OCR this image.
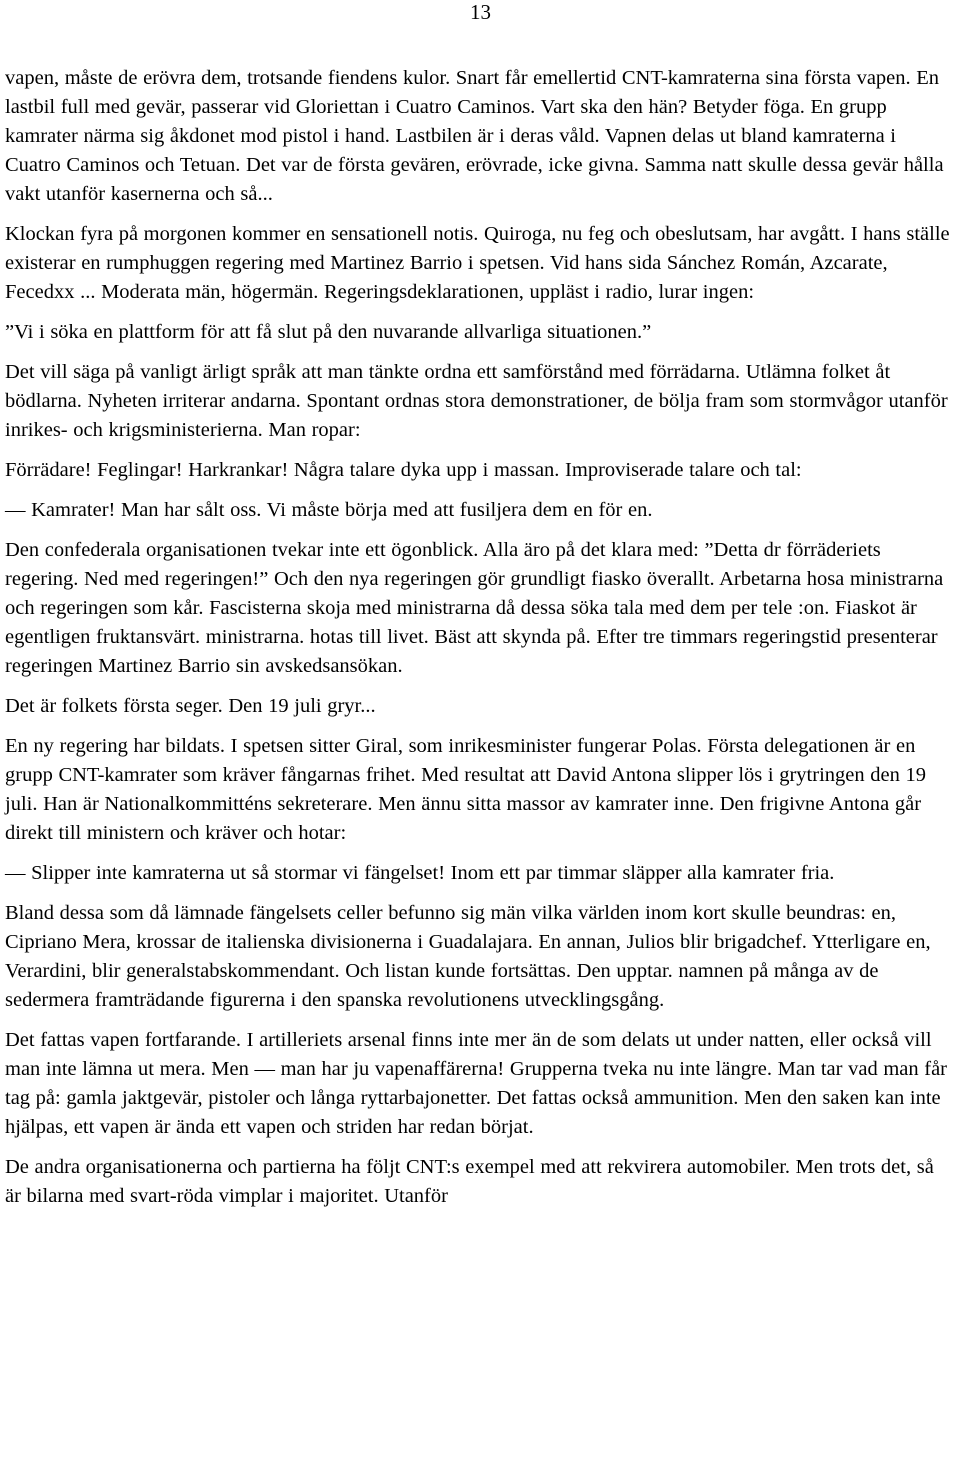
13

vapen, måste de erövra dem, trotsande fiendens kulor. Snart får emellertid CNT-kamraterna sina första vapen. En lastbil full med gevär, passerar vid Gloriettan i Cuatro Caminos. Vart ska den hän? Betyder föga. En grupp kamrater närma sig åkdonet mod pistol i hand. Lastbilen är i deras våld. Vapnen delas ut bland kamraterna i Cuatro Caminos och Tetuan. Det var de första gevären, erövrade, icke givna. Samma natt skulle dessa gevär hålla vakt utanför kasernerna och så...

Klockan fyra på morgonen kommer en sensationell notis. Quiroga, nu feg och obeslutsam, har avgått. I hans ställe existerar en rumphuggen regering med Martinez Barrio i spetsen. Vid hans sida Sánchez Román, Azcarate, Fecedxx ... Moderata män, högermän. Regeringsdeklarationen, uppläst i radio, lurar ingen:

”Vi i söka en plattform för att få slut på den nuvarande allvarliga situationen.”

Det vill säga på vanligt ärligt språk att man tänkte ordna ett samförstånd med förrädarna. Utlämna folket åt bödlarna. Nyheten irriterar andarna. Spontant ordnas stora demonstrationer, de bölja fram som stormvågor utanför inrikes- och krigsministerierna. Man ropar:

Förrädare! Feglingar! Harkrankar! Några talare dyka upp i massan. Improviserade talare och tal:

— Kamrater! Man har sålt oss. Vi måste börja med att fusiljera dem en för en.

Den confederala organisationen tvekar inte ett ögonblick. Alla äro på det klara med: ”Detta dr förräderiets regering. Ned med regeringen!” Och den nya regeringen gör grundligt fiasko överallt. Arbetarna hosa ministrarna och regeringen som kår. Fascisterna skoja med ministrarna då dessa söka tala med dem per tele :on. Fiaskot är egentligen fruktansvärt. ministrarna. hotas till livet. Bäst att skynda på. Efter tre timmars regeringstid presenterar regeringen Martinez Barrio sin avskedsansökan.

Det är folkets första seger. Den 19 juli gryr...

En ny regering har bildats. I spetsen sitter Giral, som inrikesminister fungerar Polas. Första delegationen är en grupp CNT-kamrater som kräver fångarnas frihet. Med resultat att David Antona slipper lös i grytringen den 19 juli. Han är Nationalkommitténs sekreterare. Men ännu sitta massor av kamrater inne. Den frigivne Antona går direkt till ministern och kräver och hotar:

— Slipper inte kamraterna ut så stormar vi fängelset! Inom ett par timmar släpper alla kamrater fria.

Bland dessa som då lämnade fängelsets celler befunno sig män vilka världen inom kort skulle beundras: en, Cipriano Mera, krossar de italienska divisionerna i Guadalajara. En annan, Julios blir brigadchef. Ytterligare en, Verardini, blir generalstabskommendant. Och listan kunde fortsättas. Den upptar. namnen på många av de sedermera framträdande figurerna i den spanska revolutionens utvecklingsgång.

Det fattas vapen fortfarande. I artilleriets arsenal finns inte mer än de som delats ut under natten, eller också vill man inte lämna ut mera. Men — man har ju vapenaffärerna! Grupperna tveka nu inte längre. Man tar vad man får tag på: gamla jaktgevär, pistoler och långa ryttarbajonetter. Det fattas också ammunition. Men den saken kan inte hjälpas, ett vapen är ända ett vapen och striden har redan börjat.

De andra organisationerna och partierna ha följt CNT:s exempel med att rekvirera automobiler. Men trots det, så är bilarna med svart-röda vimplar i majoritet. Utanför
